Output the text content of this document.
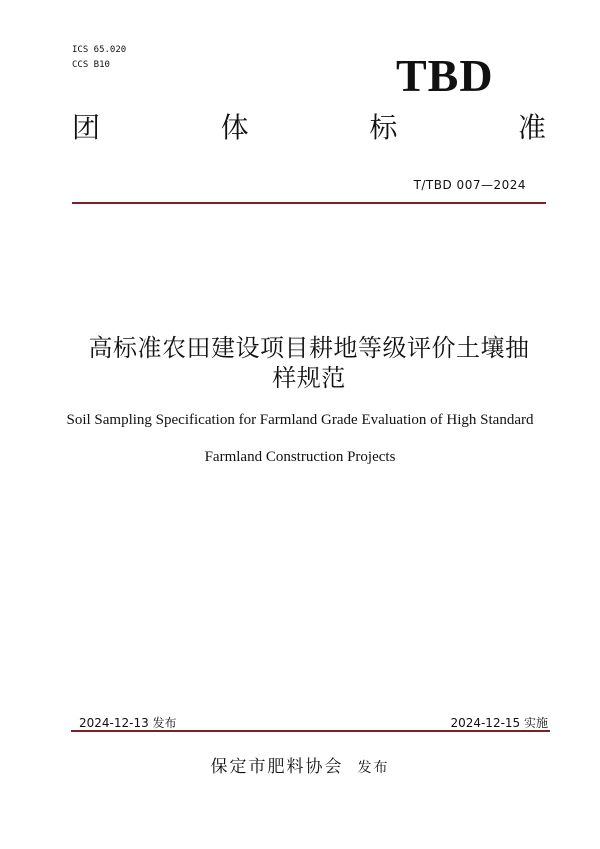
ICS 65.020
CCS B10	TBD
团	体	标	准
T/TBD 007—2024
高标准农田建设项目耕地等级评价土壤抽
样规范
Soil Sampling Specification for Farmland Grade Evaluation of High Standard
Farmland Construction Projects
2024-12-13 发布	2024-12-15 实施
保定市肥料协会 发布
